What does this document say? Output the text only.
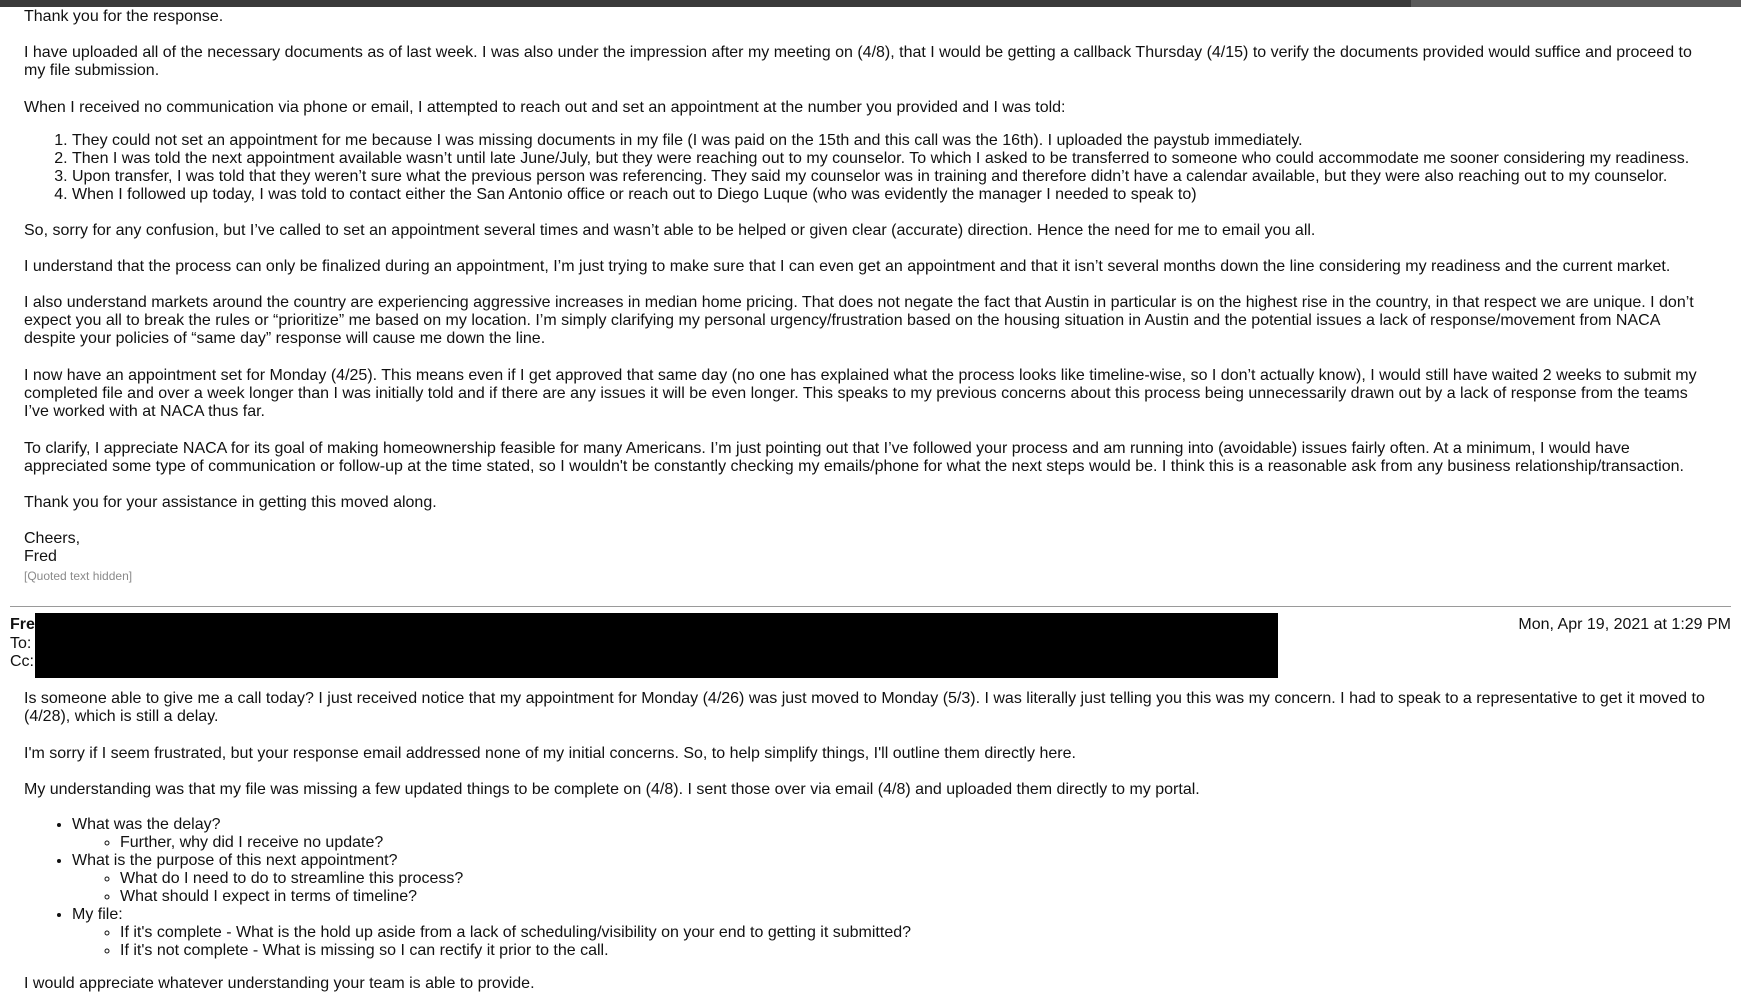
Thank you for the response.

I have uploaded all of the necessary documents as of last week. I was also under the impression after my meeting on (4/8), that I would be getting a callback Thursday (4/15) to verify the documents provided would suffice and proceed to my file submission.

When I received no communication via phone or email, I attempted to reach out and set an appointment at the number you provided and I was told:

1. They could not set an appointment for me because I was missing documents in my file (I was paid on the 15th and this call was the 16th). I uploaded the paystub immediately.
2. Then I was told the next appointment available wasn’t until late June/July, but they were reaching out to my counselor. To which I asked to be transferred to someone who could accommodate me sooner considering my readiness.
3. Upon transfer, I was told that they weren’t sure what the previous person was referencing. They said my counselor was in training and therefore didn’t have a calendar available, but they were also reaching out to my counselor.
4. When I followed up today, I was told to contact either the San Antonio office or reach out to Diego Luque (who was evidently the manager I needed to speak to)

So, sorry for any confusion, but I’ve called to set an appointment several times and wasn’t able to be helped or given clear (accurate) direction. Hence the need for me to email you all.

I understand that the process can only be finalized during an appointment, I’m just trying to make sure that I can even get an appointment and that it isn’t several months down the line considering my readiness and the current market.

I also understand markets around the country are experiencing aggressive increases in median home pricing. That does not negate the fact that Austin in particular is on the highest rise in the country, in that respect we are unique. I don’t expect you all to break the rules or “prioritize” me based on my location. I’m simply clarifying my personal urgency/frustration based on the housing situation in Austin and the potential issues a lack of response/movement from NACA despite your policies of “same day” response will cause me down the line.

I now have an appointment set for Monday (4/25). This means even if I get approved that same day (no one has explained what the process looks like timeline-wise, so I don’t actually know), I would still have waited 2 weeks to submit my completed file and over a week longer than I was initially told and if there are any issues it will be even longer. This speaks to my previous concerns about this process being unnecessarily drawn out by a lack of response from the teams I’ve worked with at NACA thus far.

To clarify, I appreciate NACA for its goal of making homeownership feasible for many Americans. I’m just pointing out that I’ve followed your process and am running into (avoidable) issues fairly often. At a minimum, I would have appreciated some type of communication or follow-up at the time stated, so I wouldn't be constantly checking my emails/phone for what the next steps would be. I think this is a reasonable ask from any business relationship/transaction.

Thank you for your assistance in getting this moved along.

Cheers,

Fred

[Quoted text hidden]

Fre
To:
Cc:
Mon, Apr 19, 2021 at 1:29 PM

Is someone able to give me a call today? I just received notice that my appointment for Monday (4/26) was just moved to Monday (5/3). I was literally just telling you this was my concern. I had to speak to a representative to get it moved to (4/28), which is still a delay.

I'm sorry if I seem frustrated, but your response email addressed none of my initial concerns. So, to help simplify things, I'll outline them directly here.

My understanding was that my file was missing a few updated things to be complete on (4/8). I sent those over via email (4/8) and uploaded them directly to my portal.

• What was the delay?
◦ Further, why did I receive no update?
• What is the purpose of this next appointment?
◦ What do I need to do to streamline this process?
◦ What should I expect in terms of timeline?
• My file:
◦ If it's complete - What is the hold up aside from a lack of scheduling/visibility on your end to getting it submitted?
◦ If it's not complete - What is missing so I can rectify it prior to the call.

I would appreciate whatever understanding your team is able to provide.
